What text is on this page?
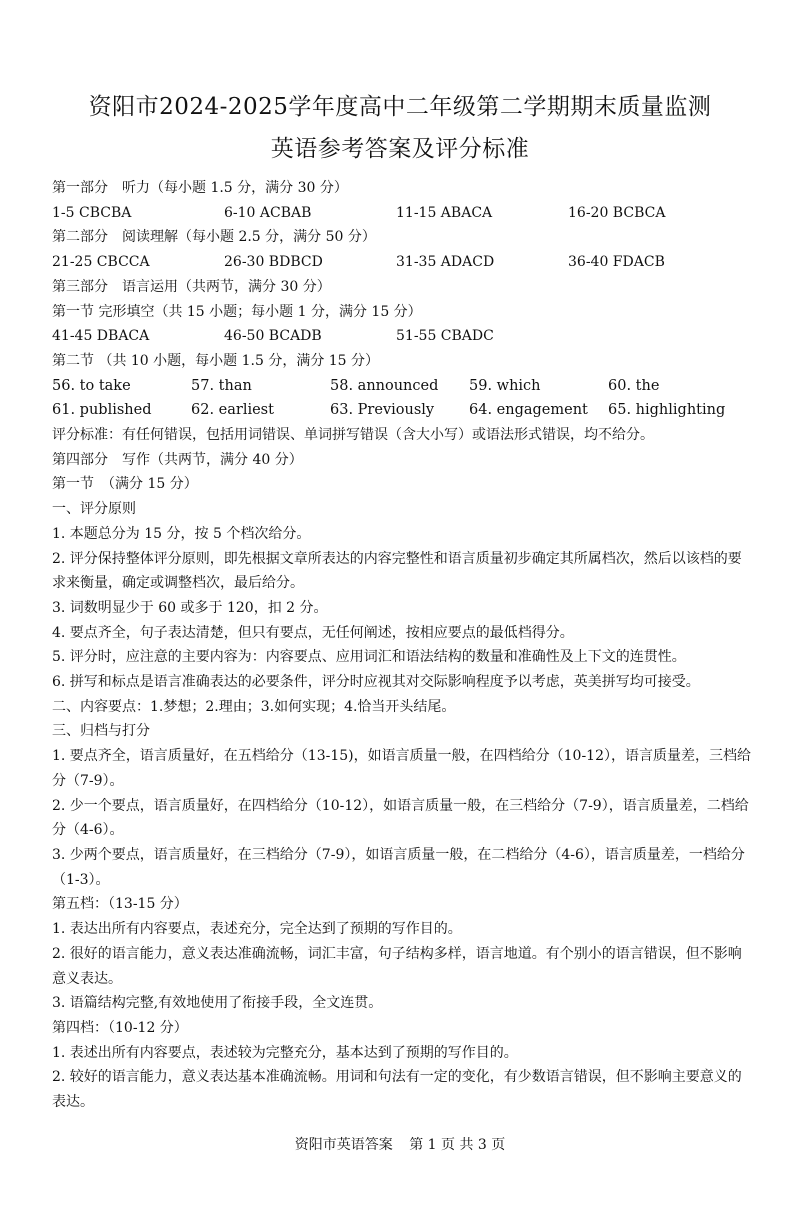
资阳市2024-2025学年度高中二年级第二学期期末质量监测
英语参考答案及评分标准
第一部分　听力（每小题 1.5 分，满分 30 分）
1-5 CBCBA	6-10 ACBAB	11-15 ABACA	16-20 BCBCA
第二部分　阅读理解（每小题 2.5 分，满分 50 分）
21-25 CBCCA	26-30 BDBCD	31-35 ADACD	36-40 FDACB
第三部分　语言运用（共两节，满分 30 分）
第一节 完形填空（共 15 小题；每小题 1 分，满分 15 分）
41-45 DBACA	46-50 BCADB	51-55 CBADC
第二节 （共 10 小题，每小题 1.5 分，满分 15 分）
56. to take	57. than	58. announced	59. which	60. the
61. published	62. earliest	63. Previously	64. engagement	65. highlighting
评分标准：有任何错误，包括用词错误、单词拼写错误（含大小写）或语法形式错误，均不给分。
第四部分　写作（共两节，满分 40 分）
第一节　（满分 15 分）
一、评分原则
1. 本题总分为 15 分，按 5 个档次给分。
2. 评分保持整体评分原则，即先根据文章所表达的内容完整性和语言质量初步确定其所属档次，然后以该档的要求来衡量，确定或调整档次，最后给分。
3. 词数明显少于 60 或多于 120，扣 2 分。
4. 要点齐全，句子表达清楚，但只有要点，无任何阐述，按相应要点的最低档得分。
5. 评分时，应注意的主要内容为：内容要点、应用词汇和语法结构的数量和准确性及上下文的连贯性。
6. 拼写和标点是语言准确表达的必要条件，评分时应视其对交际影响程度予以考虑，英美拼写均可接受。
二、内容要点：1.梦想；2.理由；3.如何实现；4.恰当开头结尾。
三、归档与打分
1. 要点齐全，语言质量好，在五档给分（13-15)，如语言质量一般，在四档给分（10-12），语言质量差，三档给分（7-9）。
2. 少一个要点，语言质量好，在四档给分（10-12），如语言质量一般，在三档给分（7-9），语言质量差，二档给分（4-6）。
3. 少两个要点，语言质量好，在三档给分（7-9），如语言质量一般，在二档给分（4-6），语言质量差，一档给分（1-3）。
第五档：（13-15 分）
1. 表达出所有内容要点，表述充分，完全达到了预期的写作目的。
2. 很好的语言能力，意义表达准确流畅，词汇丰富，句子结构多样，语言地道。有个别小的语言错误，但不影响意义表达。
3. 语篇结构完整,有效地使用了衔接手段，全文连贯。
第四档：（10-12 分）
1. 表述出所有内容要点，表述较为完整充分，基本达到了预期的写作目的。
2. 较好的语言能力，意义表达基本准确流畅。用词和句法有一定的变化，有少数语言错误，但不影响主要意义的表达。
资阳市英语答案 第 1 页 共 3 页
